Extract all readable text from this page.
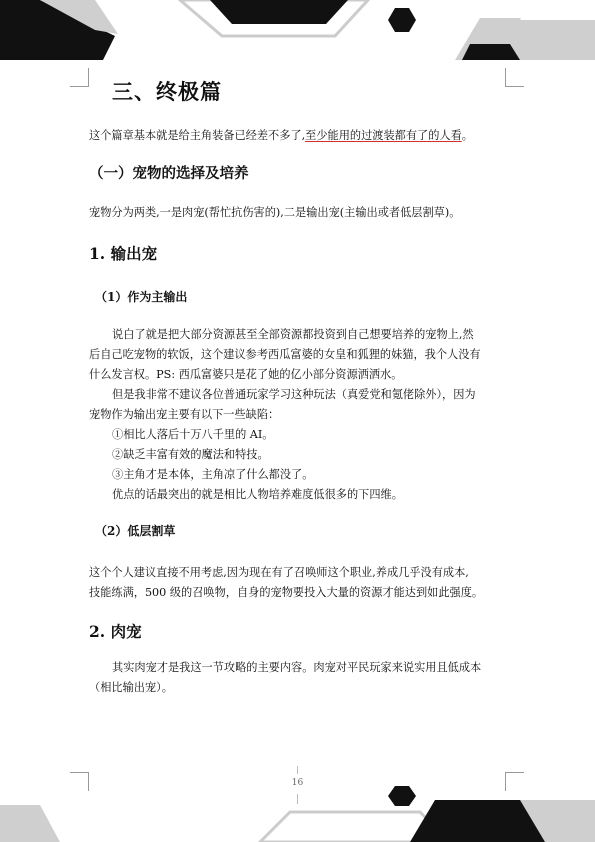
三、终极篇

这个篇章基本就是给主角装备已经差不多了,至少能用的过渡装都有了的人看。

（一）宠物的选择及培养

宠物分为两类,一是肉宠(帮忙抗伤害的),二是输出宠(主输出或者低层割草)。

1. 输出宠
（1）作为主输出

说白了就是把大部分资源甚至全部资源都投资到自己想要培养的宠物上,然
后自己吃宠物的软饭，这个建议参考西瓜富婆的女皇和狐狸的妹猫，我个人没有
什么发言权。PS: 西瓜富婆只是花了她的亿小部分资源洒洒水。

但是我非常不建议各位普通玩家学习这种玩法（真爱党和氪佬除外），因为
宠物作为输出宠主要有以下一些缺陷：

①相比人落后十万八千里的 AI。
②缺乏丰富有效的魔法和特技。
③主角才是本体，主角凉了什么都没了。
优点的话最突出的就是相比人物培养难度低很多的下四维。

（2）低层割草

这个个人建议直接不用考虑,因为现在有了召唤师这个职业,养成几乎没有成本,
技能练满，500 级的召唤物，自身的宠物要投入大量的资源才能达到如此强度。

2. 肉宠

其实肉宠才是我这一节攻略的主要内容。肉宠对平民玩家来说实用且低成本
（相比输出宠）。

16
